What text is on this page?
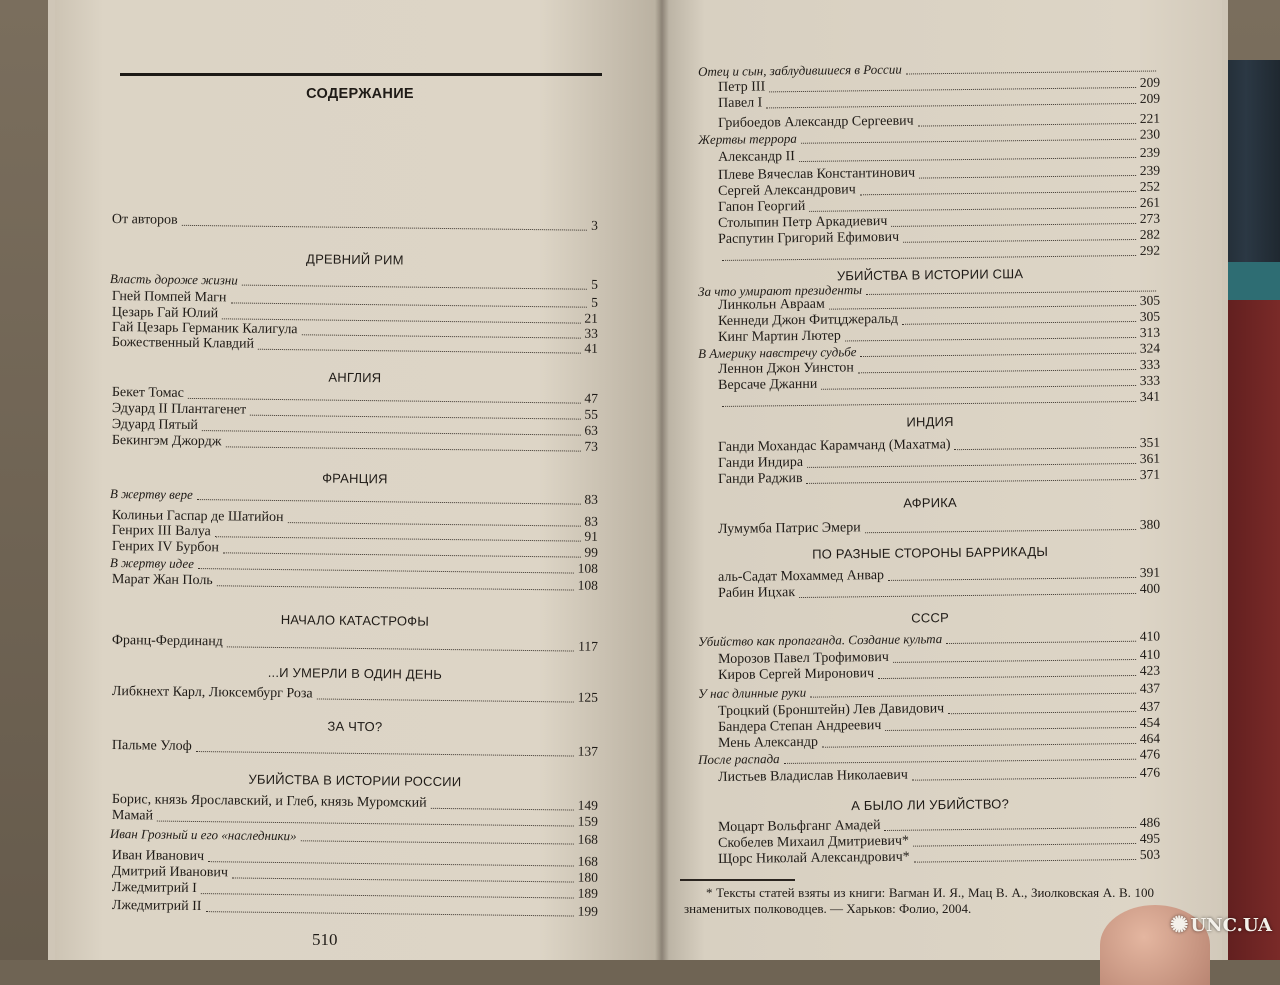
СОДЕРЖАНИЕ
От авторов	3
ДРЕВНИЙ РИМ
Власть дороже жизни	5
Гней Помпей Магн	5
Цезарь Гай Юлий	21
Гай Цезарь Германик Калигула	33
Божественный Клавдий	41
АНГЛИЯ
Бекет Томас	47
Эдуард II Плантагенет	55
Эдуард Пятый	63
Бекингэм Джордж	73
ФРАНЦИЯ
В жертву вере	83
Колиньи Гаспар де Шатийон	83
Генрих III Валуа	91
Генрих IV Бурбон	99
В жертву идее	108
Марат Жан Поль	108
НАЧАЛО КАТАСТРОФЫ
Франц-Фердинанд	117
...И УМЕРЛИ В ОДИН ДЕНЬ
Либкнехт Карл, Люксембург Роза	125
ЗА ЧТО?
Пальме Улоф	137
УБИЙСТВА В ИСТОРИИ РОССИИ
Борис, князь Ярославский, и Глеб, князь Муромский	149
Мамай	159
Иван Грозный и его «наследники»	168
Иван Иванович	168
Дмитрий Иванович	180
Лжедмитрий I	189
Лжедмитрий II	199
Отец и сын, заблудившиеся в России
Петр III	209
Павел I	209
Грибоедов Александр Сергеевич	221
Жертвы террора	230
Александр II	239
Плеве Вячеслав Константинович	239
Сергей Александрович	252
Гапон Георгий	261
Столыпин Петр Аркадиевич	273
Распутин Григорий Ефимович	282
292
УБИЙСТВА В ИСТОРИИ США
За что умирают президенты
Линкольн Авраам	305
Кеннеди Джон Фитцджеральд	305
Кинг Мартин Лютер	313
В Америку навстречу судьбе	324
Леннон Джон Уинстон	333
Версаче Джанни	333
341
ИНДИЯ
Ганди Мохандас Карамчанд (Махатма)	351
Ганди Индира	361
Ганди Раджив	371
АФРИКА
Лумумба Патрис Эмери	380
ПО РАЗНЫЕ СТОРОНЫ БАРРИКАДЫ
аль-Садат Мохаммед Анвар	391
Рабин Ицхак	400
СССР
Убийство как пропаганда. Создание культа	410
Морозов Павел Трофимович	410
Киров Сергей Миронович	423
У нас длинные руки	437
Троцкий (Бронштейн) Лев Давидович	437
Бандера Степан Андреевич	454
Мень Александр	464
После распада	476
Листьев Владислав Николаевич	476
А БЫЛО ЛИ УБИЙСТВО?
Моцарт Вольфганг Амадей	486
Скобелев Михаил Дмитриевич*	495
Щорс Николай Александрович*	503
* Тексты статей взяты из книги: Вагман И. Я., Мац В. А., Зиолковская А. В. 100 знаменитых полководцев. — Харьков: Фолио, 2004.
510
✺ UNC.UA
